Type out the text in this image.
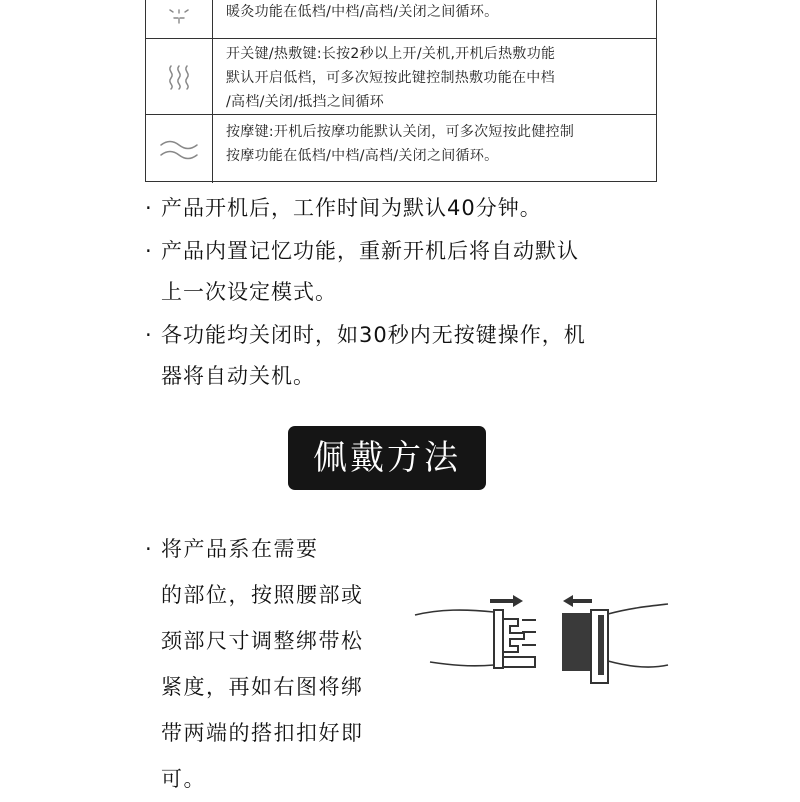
暖灸功能在低档/中档/高档/关闭之间循环。
开关键/热敷键:长按2秒以上开/关机,开机后热敷功能
默认开启低档，可多次短按此键控制热敷功能在中档
/高档/关闭/抵挡之间循环
按摩键:开机后按摩功能默认关闭，可多次短按此健控制
按摩功能在低档/中档/高档/关闭之间循环。
· 产品开机后，工作时间为默认40分钟。
· 产品内置记忆功能，重新开机后将自动默认
上一次设定模式。
· 各功能均关闭时，如30秒内无按键操作，机
器将自动关机。
佩戴方法
· 将产品系在需要
的部位，按照腰部或
颈部尺寸调整绑带松
紧度，再如右图将绑
带两端的搭扣扣好即
可。
